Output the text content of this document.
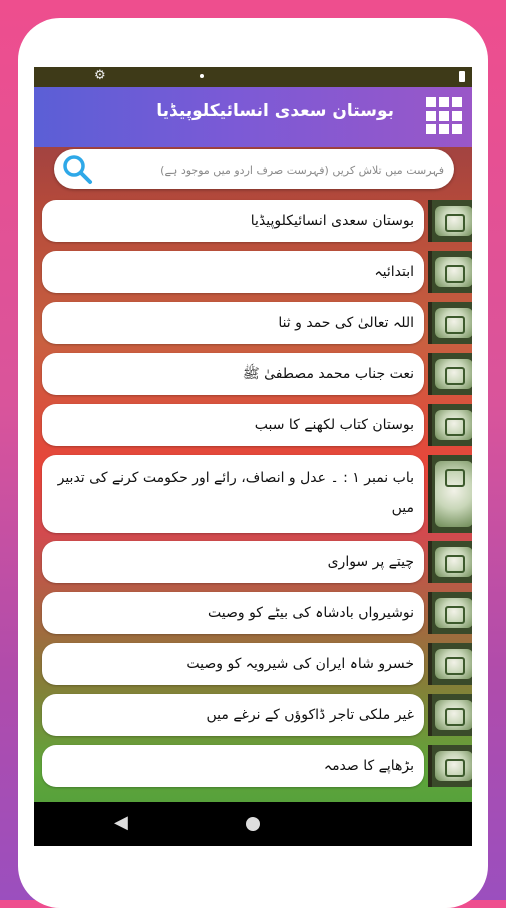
⚙
بوستان سعدی انسائیکلوپیڈیا
فہرست میں تلاش کریں (فہرست صرف اردو میں موجود ہے)
بوستان سعدی انسائیکلوپیڈیا
ابتدائیہ
اللہ تعالیٰ کی حمد و ثنا
نعت جناب محمد مصطفیٰ ﷺ
بوستان کتاب لکھنے کا سبب
باب نمبر ۱ : ۔ عدل و انصاف، رائے اور حکومت کرنے کی تدبیر میں
چیتے پر سواری
نوشیرواں بادشاہ کی بیٹے کو وصیت
خسرو شاہ ایران کی شیرویہ کو وصیت
غیر ملکی تاجر ڈاکوؤں کے نرغے میں
بڑھاپے کا صدمہ
◀
